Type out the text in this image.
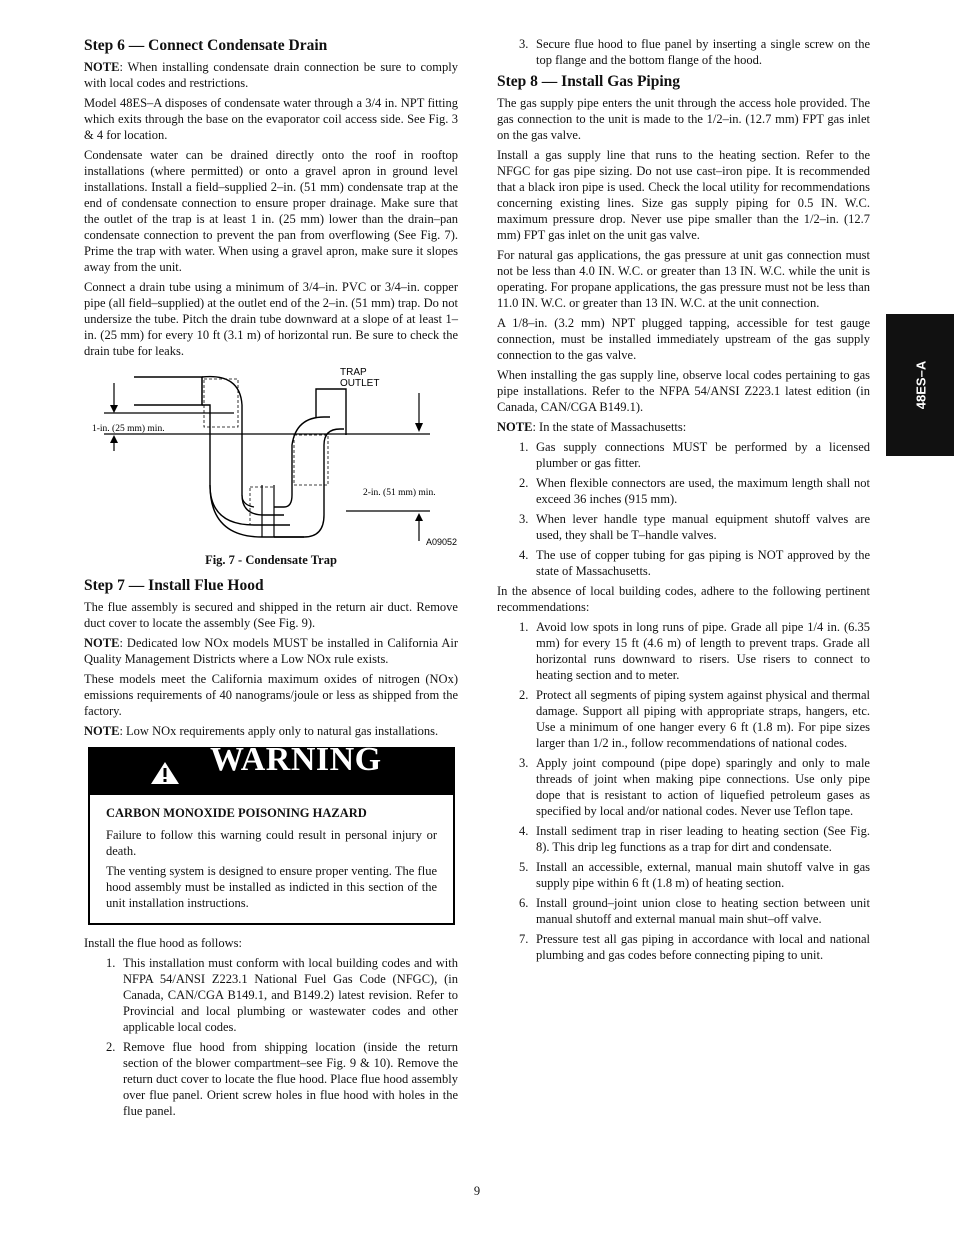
Step 6 — Connect Condensate Drain

NOTE: When installing condensate drain connection be sure to comply with local codes and restrictions.

Model 48ES–A disposes of condensate water through a 3/4 in. NPT fitting which exits through the base on the evaporator coil access side. See Fig. 3 & 4 for location.

Condensate water can be drained directly onto the roof in rooftop installations (where permitted) or onto a gravel apron in ground level installations. Install a field–supplied 2–in. (51 mm) condensate trap at the end of condensate connection to ensure proper drainage. Make sure that the outlet of the trap is at least 1 in. (25 mm) lower than the drain–pan condensate connection to prevent the pan from overflowing (See Fig. 7). Prime the trap with water. When using a gravel apron, make sure it slopes away from the unit.

Connect a drain tube using a minimum of 3/4–in. PVC or 3/4–in. copper pipe (all field–supplied) at the outlet end of the 2–in. (51 mm) trap. Do not undersize the tube. Pitch the drain tube downward at a slope of at least 1–in. (25 mm) for every 10 ft (3.1 m) of horizontal run. Be sure to check the drain tube for leaks.

TRAP
OUTLET
1-in. (25 mm) min.
2-in. (51 mm) min.
A09052
Fig. 7 - Condensate Trap
Step 7 — Install Flue Hood

The flue assembly is secured and shipped in the return air duct. Remove duct cover to locate the assembly (See Fig. 9).

NOTE: Dedicated low NOx models MUST be installed in California Air Quality Management Districts where a Low NOx rule exists.

These models meet the California maximum oxides of nitrogen (NOx) emissions requirements of 40 nanograms/joule or less as shipped from the factory.

NOTE: Low NOx requirements apply only to natural gas installations.

WARNING
CARBON MONOXIDE POISONING HAZARD

Failure to follow this warning could result in personal injury or death.

The venting system is designed to ensure proper venting. The flue hood assembly must be installed as indicted in this section of the unit installation instructions.

Install the flue hood as follows:

1. This installation must conform with local building codes and with NFPA 54/ANSI Z223.1 National Fuel Gas Code (NFGC), (in Canada, CAN/CGA B149.1, and B149.2) latest revision. Refer to Provincial and local plumbing or wastewater codes and other applicable local codes.
2. Remove flue hood from shipping location (inside the return section of the blower compartment–see Fig. 9 & 10). Remove the return duct cover to locate the flue hood. Place flue hood assembly over flue panel. Orient screw holes in flue hood with holes in the flue panel.
3. Secure flue hood to flue panel by inserting a single screw on the top flange and the bottom flange of the hood.
Step 8 — Install Gas Piping

The gas supply pipe enters the unit through the access hole provided. The gas connection to the unit is made to the 1/2–in. (12.7 mm) FPT gas inlet on the gas valve.

Install a gas supply line that runs to the heating section. Refer to the NFGC for gas pipe sizing. Do not use cast–iron pipe. It is recommended that a black iron pipe is used. Check the local utility for recommendations concerning existing lines. Size gas supply piping for 0.5 IN. W.C. maximum pressure drop. Never use pipe smaller than the 1/2–in. (12.7 mm) FPT gas inlet on the unit gas valve.

For natural gas applications, the gas pressure at unit gas connection must not be less than 4.0 IN. W.C. or greater than 13 IN. W.C. while the unit is operating. For propane applications, the gas pressure must not be less than 11.0 IN. W.C. or greater than 13 IN. W.C. at the unit connection.

A 1/8–in. (3.2 mm) NPT plugged tapping, accessible for test gauge connection, must be installed immediately upstream of the gas supply connection to the gas valve.

When installing the gas supply line, observe local codes pertaining to gas pipe installations. Refer to the NFPA 54/ANSI Z223.1 latest edition (in Canada, CAN/CGA B149.1).

NOTE: In the state of Massachusetts:

1. Gas supply connections MUST be performed by a licensed plumber or gas fitter.
2. When flexible connectors are used, the maximum length shall not exceed 36 inches (915 mm).
3. When lever handle type manual equipment shutoff valves are used, they shall be T–handle valves.
4. The use of copper tubing for gas piping is NOT approved by the state of Massachusetts.

In the absence of local building codes, adhere to the following pertinent recommendations:

1. Avoid low spots in long runs of pipe. Grade all pipe 1/4 in. (6.35 mm) for every 15 ft (4.6 m) of length to prevent traps. Grade all horizontal runs downward to risers. Use risers to connect to heating section and to meter.
2. Protect all segments of piping system against physical and thermal damage. Support all piping with appropriate straps, hangers, etc. Use a minimum of one hanger every 6 ft (1.8 m). For pipe sizes larger than 1/2 in., follow recommendations of national codes.
3. Apply joint compound (pipe dope) sparingly and only to male threads of joint when making pipe connections. Use only pipe dope that is resistant to action of liquefied petroleum gases as specified by local and/or national codes. Never use Teflon tape.
4. Install sediment trap in riser leading to heating section (See Fig. 8). This drip leg functions as a trap for dirt and condensate.
5. Install an accessible, external, manual main shutoff valve in gas supply pipe within 6 ft (1.8 m) of heating section.
6. Install ground–joint union close to heating section between unit manual shutoff and external manual main shut–off valve.
7. Pressure test all gas piping in accordance with local and national plumbing and gas codes before connecting piping to unit.
48ES–A
9
